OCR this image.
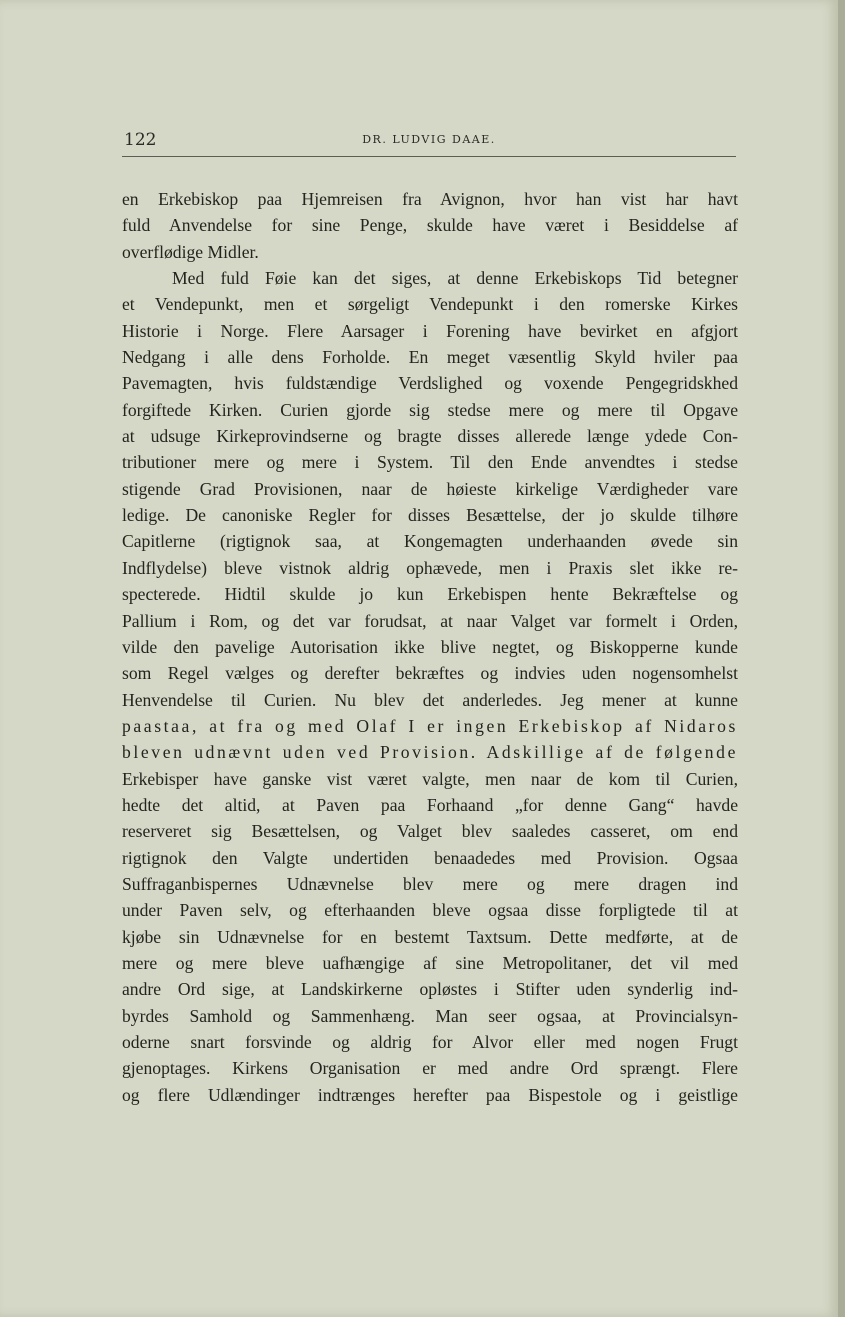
122	DR. LUDVIG DAAE.
en Erkebiskop paa Hjemreisen fra Avignon, hvor han vist har havt
fuld Anvendelse for sine Penge, skulde have været i Besiddelse af
overflødige Midler.
Med fuld Føie kan det siges, at denne Erkebiskops Tid betegner
et Vendepunkt, men et sørgeligt Vendepunkt i den romerske Kirkes
Historie i Norge. Flere Aarsager i Forening have bevirket en afgjort
Nedgang i alle dens Forholde. En meget væsentlig Skyld hviler paa
Pavemagten, hvis fuldstændige Verdslighed og voxende Pengegridskhed
forgiftede Kirken. Curien gjorde sig stedse mere og mere til Opgave
at udsuge Kirkeprovindserne og bragte disses allerede længe ydede Con-
tributioner mere og mere i System. Til den Ende anvendtes i stedse
stigende Grad Provisionen, naar de høieste kirkelige Værdigheder vare
ledige. De canoniske Regler for disses Besættelse, der jo skulde tilhøre
Capitlerne (rigtignok saa, at Kongemagten underhaanden øvede sin
Indflydelse) bleve vistnok aldrig ophævede, men i Praxis slet ikke re-
specterede. Hidtil skulde jo kun Erkebispen hente Bekræftelse og
Pallium i Rom, og det var forudsat, at naar Valget var formelt i Orden,
vilde den pavelige Autorisation ikke blive negtet, og Biskopperne kunde
som Regel vælges og derefter bekræftes og indvies uden nogensomhelst
Henvendelse til Curien. Nu blev det anderledes. Jeg mener at kunne
paastaa, at fra og med Olaf I er ingen Erkebiskop af Nidaros
bleven udnævnt uden ved Provision. Adskillige af de følgende
Erkebisper have ganske vist været valgte, men naar de kom til Curien,
hedte det altid, at Paven paa Forhaand „for denne Gang“ havde
reserveret sig Besættelsen, og Valget blev saaledes casseret, om end
rigtignok den Valgte undertiden benaadedes med Provision. Ogsaa
Suffraganbispernes Udnævnelse blev mere og mere dragen ind
under Paven selv, og efterhaanden bleve ogsaa disse forpligtede til at
kjøbe sin Udnævnelse for en bestemt Taxtsum. Dette medførte, at de
mere og mere bleve uafhængige af sine Metropolitaner, det vil med
andre Ord sige, at Landskirkerne opløstes i Stifter uden synderlig ind-
byrdes Samhold og Sammenhæng. Man seer ogsaa, at Provincialsyn-
oderne snart forsvinde og aldrig for Alvor eller med nogen Frugt
gjenoptages. Kirkens Organisation er med andre Ord sprængt. Flere
og flere Udlændinger indtrænges herefter paa Bispestole og i geistlige
